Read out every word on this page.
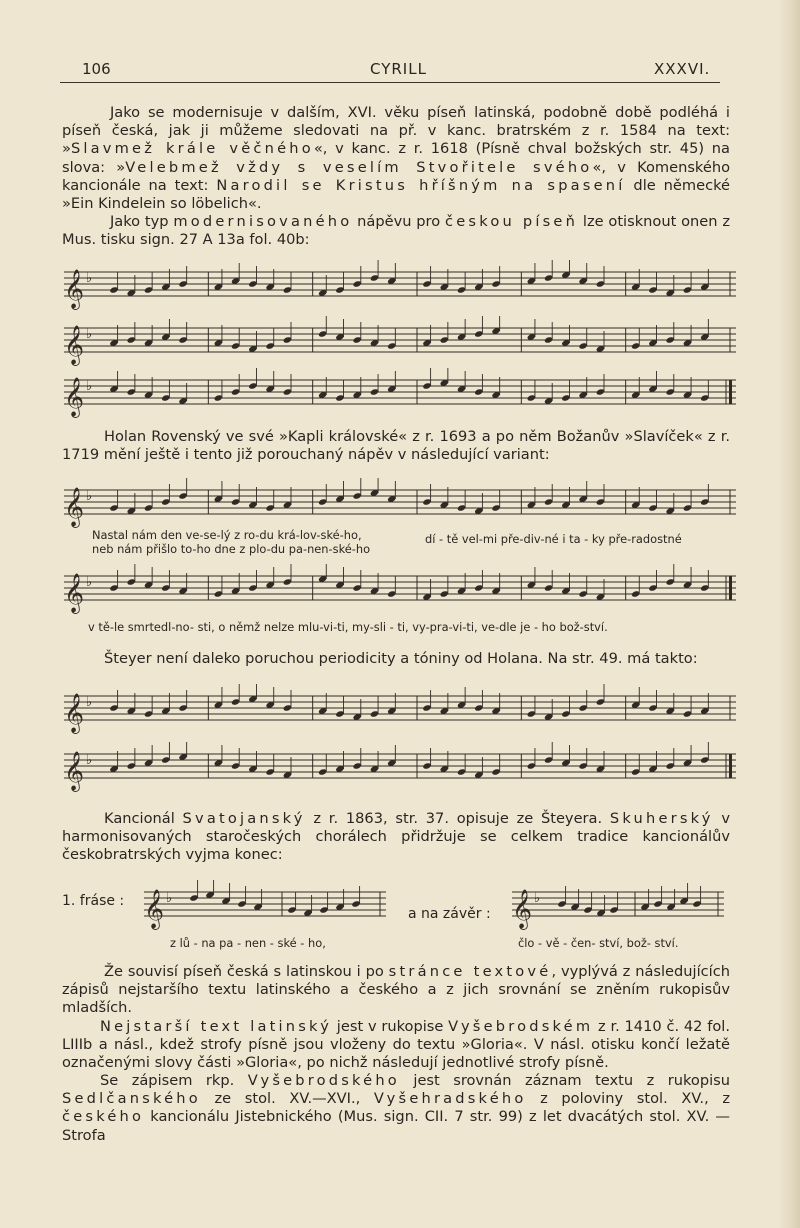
106	CYRILL	XXXVI.

Jako se modernisuje v dalším, XVI. věku píseň latinská, podobně době podléhá i píseň česká, jak ji můžeme sledovati na př. v kanc. bratrském z r. 1584 na text: »Slavmež krále věčného«, v kanc. z r. 1618 (Písně chval božských str. 45) na slova: »Velebmež vždy s veselím Stvořitele svého«, v Komenského kancionále na text: Narodil se Kristus hříšným na spasení dle německé »Ein Kindelein so löbelich«.

Jako typ modernisovaného nápěvu pro českou píseň lze otisknout onen z Mus. tisku sign. 27 A 13a fol. 40b:

𝄞 ♭
𝄞 ♭
𝄞 ♭

Holan Rovenský ve své »Kapli královské« z r. 1693 a po něm Božanův »Slavíček« z r. 1719 mění ještě i tento již porouchaný nápěv v následující variant:

𝄞 ♭
Nastal nám den ve-se-lý z ro-du krá-lov-ské-ho,
neb nám přišlo to-ho dne z plo-du pa-nen-ské-ho
dí - tě vel-mi pře-div-né i ta - ky pře-radostné
𝄞 ♭
v tě-le smrtedl-no- sti, o němž nelze mlu-vi-ti, my-sli - ti, vy-pra-vi-ti, ve-dle je - ho bož-ství.

Šteyer není daleko poruchou periodicity a tóniny od Holana. Na str. 49. má takto:

𝄞 ♭
𝄞 ♭

Kancionál Svatojanský z r. 1863, str. 37. opisuje ze Šteyera. Skuherský v harmonisovaných staročeských chorálech přidržuje se celkem tradice kancionálův českobratrských vyjma konec:

1. fráse : 𝄞 ♭
z lů - na pa - nen - ské - ho,
a na závěr : 𝄞 ♭
člo - vě - čen- ství, bož- ství.

Že souvisí píseň česká s latinskou i po stránce textové, vyplývá z následujících zápisů nejstaršího textu latinského a českého a z jich srovnání se zněním rukopisův mladších.

Nejstarší text latinský jest v rukopise Vyšebrodském z r. 1410 č. 42 fol. LIIIb a násl., kdež strofy písně jsou vloženy do textu »Gloria«. V násl. otisku končí ležatě označenými slovy části »Gloria«, po nichž následují jednotlivé strofy písně.

Se zápisem rkp. Vyšebrodského jest srovnán záznam textu z rukopisu Sedlčanského ze stol. XV.—XVI., Vyšehradského z poloviny stol. XV., z českého kancionálu Jistebnického (Mus. sign. CII. 7 str. 99) z let dvacátých stol. XV. — Strofa
